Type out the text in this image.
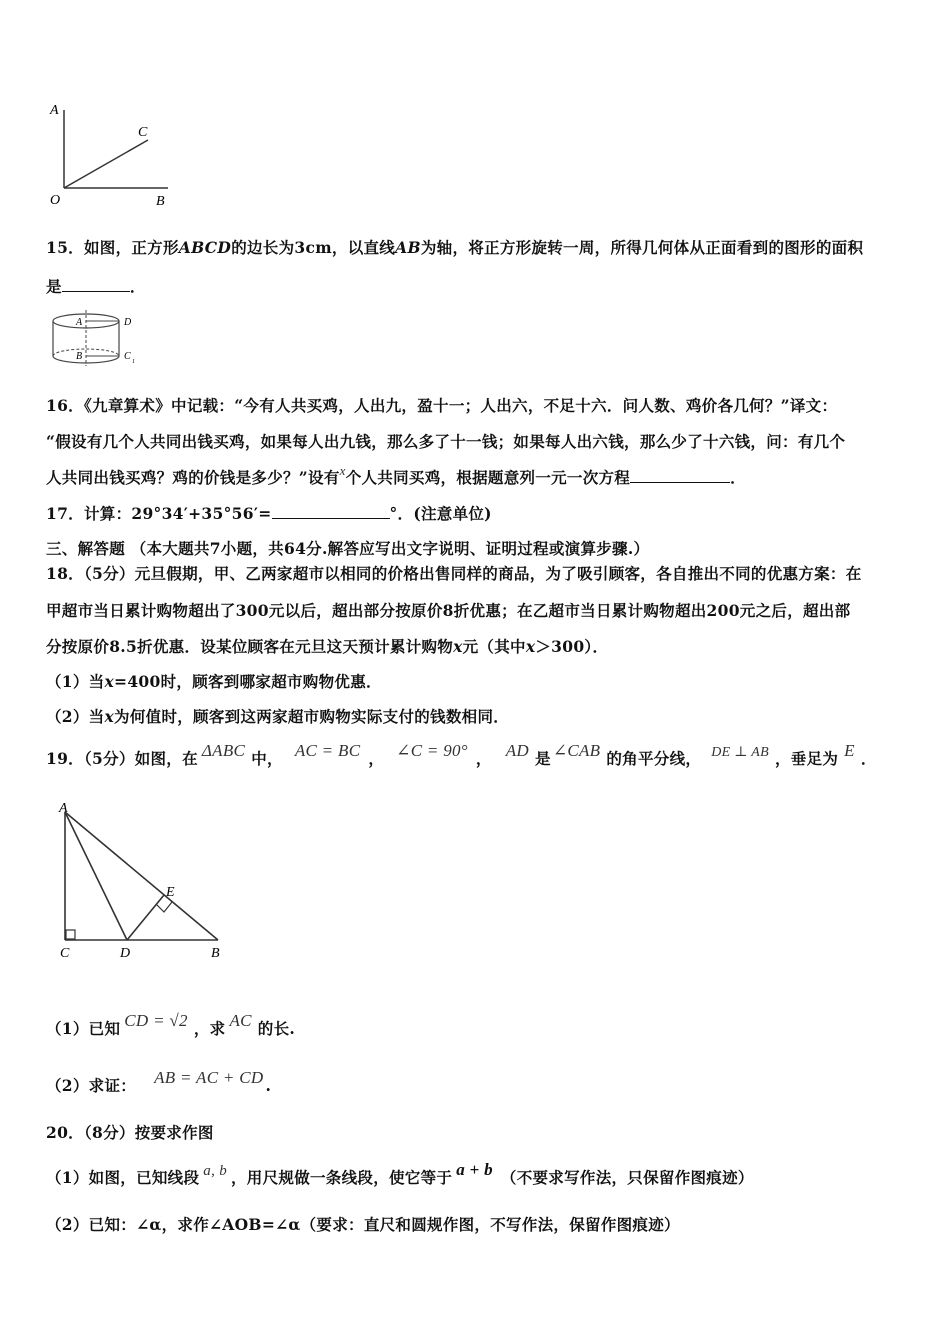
A
C
O	B
15．如图，正方形ABCD的边长为3cm，以直线AB为轴，将正方形旋转一周，所得几何体从正面看到的图形的面积
是	．
A	D
B	C 1
16．《九章算术》中记载：“今有人共买鸡，人出九，盈十一；人出六，不足十六．问人数、鸡价各几何？”译文：
“假设有几个人共同出钱买鸡，如果每人出九钱，那么多了十一钱；如果每人出六钱，那么少了十六钱，问：有几个
人共同出钱买鸡？鸡的价钱是多少？”设有$^x$个人共同买鸡，根据题意列一元一次方程	．
17．计算：29°34′+35°56′=	°．(注意单位)
三、解答题 （本大题共7小题，共64分.解答应写出文字说明、证明过程或演算步骤.）
18．（5分）元旦假期，甲、乙两家超市以相同的价格出售同样的商品，为了吸引顾客，各自推出不同的优惠方案：在
甲超市当日累计购物超出了300元以后，超出部分按原价8折优惠；在乙超市当日累计购物超出200元之后，超出部
分按原价8.5折优惠．设某位顾客在元旦这天预计累计购物x元（其中x＞300）．
（1）当x=400时，顾客到哪家超市购物优惠．
（2）当x为何值时，顾客到这两家超市购物实际支付的钱数相同．
19．（5分）如图，在 ΔABC 中， AC = BC ， ∠C = 90° ， AD 是 ∠CAB 的角平分线， DE ⊥ AB ，垂足为 E ．
A
C	D	B
E
（1）已知 CD = √2 ，求 AC 的长.
（2）求证： AB = AC + CD .
20．（8分）按要求作图
（1）如图，已知线段 a, b ，用尺规做一条线段，使它等于 a + b （不要求写作法，只保留作图痕迹）
（2）已知：∠α，求作∠AOB=∠α（要求：直尺和圆规作图，不写作法，保留作图痕迹）
